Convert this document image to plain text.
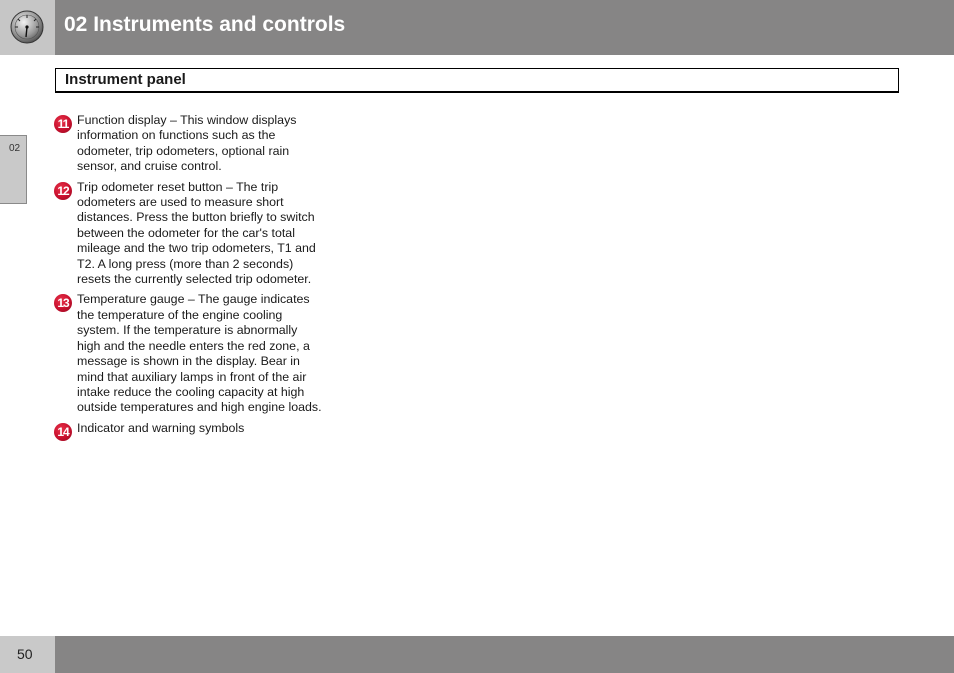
02 Instruments and controls
Instrument panel
02
11 Function display – This window displays information on functions such as the odometer, trip odometers, optional rain sensor, and cruise control.
12 Trip odometer reset button – The trip odometers are used to measure short distances. Press the button briefly to switch between the odometer for the car's total mileage and the two trip odometers, T1 and T2. A long press (more than 2 seconds) resets the currently selected trip odometer.
13 Temperature gauge – The gauge indicates the temperature of the engine cooling system. If the temperature is abnormally high and the needle enters the red zone, a message is shown in the display. Bear in mind that auxiliary lamps in front of the air intake reduce the cooling capacity at high outside temperatures and high engine loads.
14 Indicator and warning symbols
50
